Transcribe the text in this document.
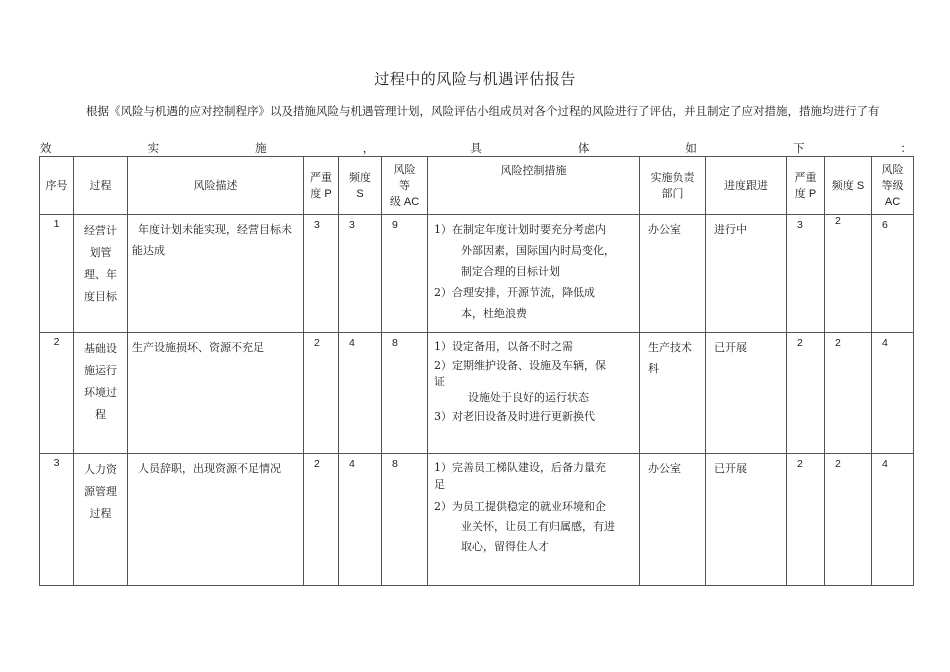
过程中的风险与机遇评估报告
根据《风险与机遇的应对控制程序》以及措施风险与机遇管理计划，风险评估小组成员对各个过程的风险进行了评估，并且制定了应对措施，措施均进行了有
效	实	施	，	具	体	如	下	：
序号	过程	风险描述	严重
度 P	频度
S	风险
等
级 AC	风险控制措施	实施负责
部门	进度跟进	严重
度 P	频度 S	风险
等级
AC
1	经营计划管理、年度目标	年度计划未能实现，经营目标未能达成	3	3	9	1）在制定年度计划时要充分考虑内
外部因素，国际国内时局变化，
制定合理的目标计划
2）合理安排，开源节流，降低成
本，杜绝浪费	办公室	进行中	3	2	6
2	基础设施运行环境过程	生产设施损坏、资源不充足	2	4	8	1）设定备用，以备不时之需
2）定期维护设备、设施及车辆，保
证
设施处于良好的运行状态
3）对老旧设备及时进行更新换代	生产技术科	已开展	2	2	4
3	人力资源管理过程	人员辞职，出现资源不足情况	2	4	8	1）完善员工梯队建设，后备力量充
足
2）为员工提供稳定的就业环境和企
业关怀，让员工有归属感，有进
取心，留得住人才	办公室	已开展	2	2	4
